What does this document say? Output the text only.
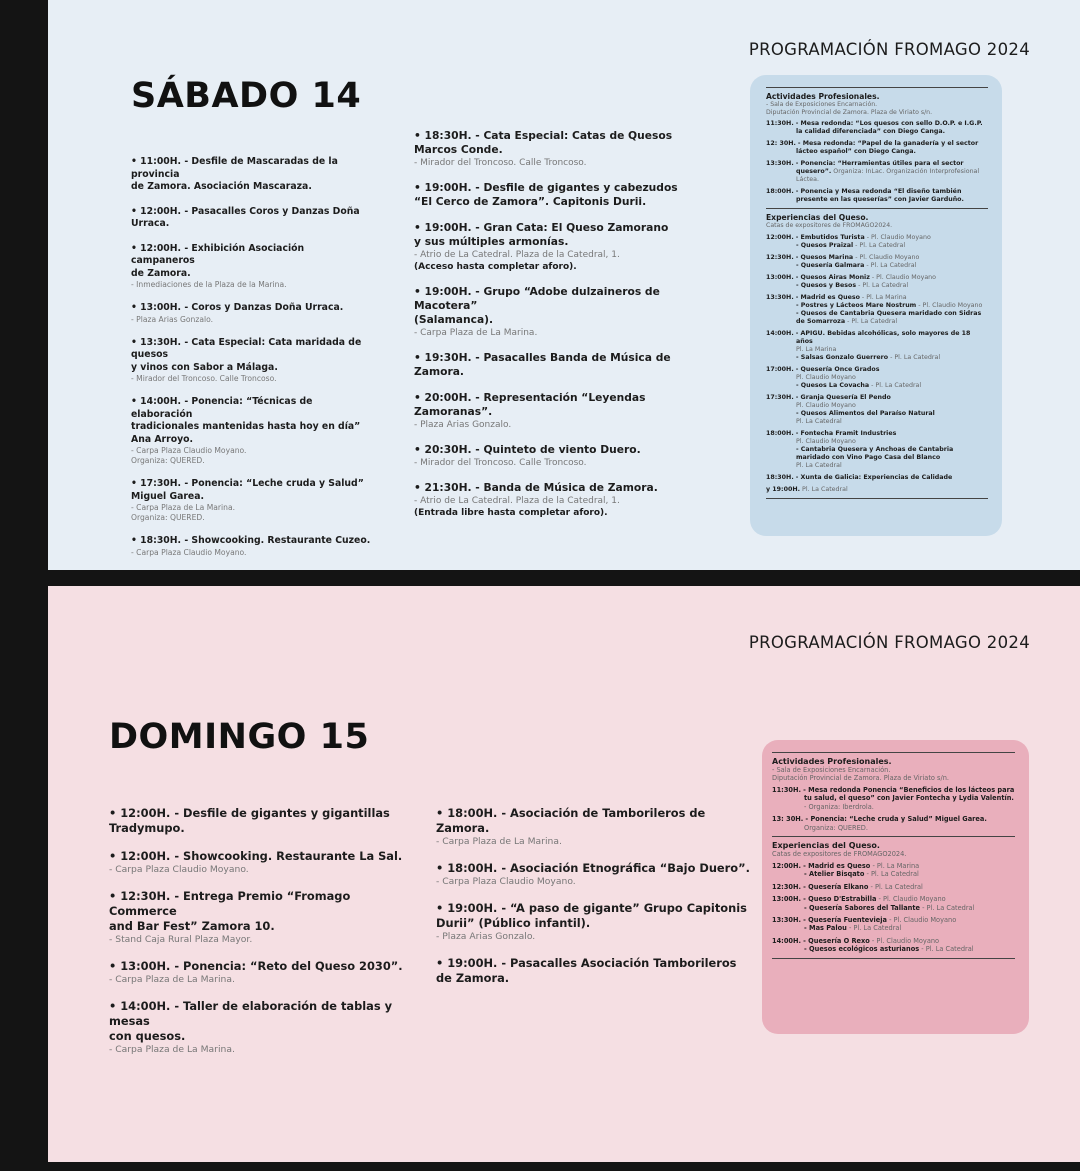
PROGRAMACIÓN FROMAGO 2024
SÁBADO 14
• 11:00H. - Desfile de Mascaradas de la provincia
de Zamora. Asociación Mascaraza.
• 12:00H. - Pasacalles Coros y Danzas Doña Urraca.
• 12:00H. - Exhibición Asociación campaneros
de Zamora.
- Inmediaciones de la Plaza de la Marina.
• 13:00H. - Coros y Danzas Doña Urraca.
- Plaza Arias Gonzalo.
• 13:30H. - Cata Especial: Cata maridada de quesos
y vinos con Sabor a Málaga.
- Mirador del Troncoso. Calle Troncoso.
• 14:00H. - Ponencia: “Técnicas de elaboración
tradicionales mantenidas hasta hoy en día”
Ana Arroyo.
- Carpa Plaza Claudio Moyano.
Organiza: QUERED.
• 17:30H. - Ponencia: “Leche cruda y Salud”
Miguel Garea.
- Carpa Plaza de La Marina.
Organiza: QUERED.
• 18:30H. - Showcooking. Restaurante Cuzeo.
- Carpa Plaza Claudio Moyano.
• 18:30H. - Cata Especial: Catas de Quesos
Marcos Conde.
- Mirador del Troncoso. Calle Troncoso.
• 19:00H. - Desfile de gigantes y cabezudos
“El Cerco de Zamora”. Capitonis Durii.
• 19:00H. - Gran Cata: El Queso Zamorano
y sus múltiples armonías.
- Atrio de La Catedral. Plaza de la Catedral, 1.
(Acceso hasta completar aforo).
• 19:00H. - Grupo “Adobe dulzaineros de Macotera”
(Salamanca).
- Carpa Plaza de La Marina.
• 19:30H. - Pasacalles Banda de Música de Zamora.
• 20:00H. - Representación “Leyendas Zamoranas”.
- Plaza Arias Gonzalo.
• 20:30H. - Quinteto de viento Duero.
- Mirador del Troncoso. Calle Troncoso.
• 21:30H. - Banda de Música de Zamora.
- Atrio de La Catedral. Plaza de la Catedral, 1.
(Entrada libre hasta completar aforo).
Actividades Profesionales.
- Sala de Exposiciones Encarnación.
Diputación Provincial de Zamora. Plaza de Viriato s/n.
11:30H. - Mesa redonda: “Los quesos con sello D.O.P. e I.G.P. la calidad diferenciada” con Diego Canga.
12: 30H. - Mesa redonda: “Papel de la ganadería y el sector lácteo español” con Diego Canga.
13:30H. - Ponencia: “Herramientas útiles para el sector quesero”. Organiza: InLac. Organización Interprofesional Láctea.
18:00H. - Ponencia y Mesa redonda “El diseño también presente en las queserías” con Javier Garduño.
Experiencias del Queso.
Catas de expositores de FROMAGO2024.
12:00H. - Embutidos Turista - Pl. Claudio Moyano
- Quesos Praizal - Pl. La Catedral
12:30H. - Quesos Marina - Pl. Claudio Moyano
- Quesería Galmara - Pl. La Catedral
13:00H. - Quesos Airas Moniz - Pl. Claudio Moyano
- Quesos y Besos - Pl. La Catedral
13:30H. - Madrid es Queso - Pl. La Marina
- Postres y Lácteos Mare Nostrum - Pl. Claudio Moyano
- Quesos de Cantabria Quesera maridado con Sidras de Somarroza - Pl. La Catedral
14:00H. - APIGU. Bebidas alcohólicas, solo mayores de 18 años
Pl. La Marina
- Salsas Gonzalo Guerrero - Pl. La Catedral
17:00H. - Quesería Once Grados
Pl. Claudio Moyano
- Quesos La Covacha - Pl. La Catedral
17:30H. - Granja Quesería El Pendo
Pl. Claudio Moyano
- Quesos Alimentos del Paraíso Natural
Pl. La Catedral
18:00H. - Fontecha Framit Industries
Pl. Claudio Moyano
- Cantabria Quesera y Anchoas de Cantabria maridado con Vino Pago Casa del Blanco
Pl. La Catedral
18:30H. - Xunta de Galicia: Experiencias de Calidade
y 19:00H. Pl. La Catedral
PROGRAMACIÓN FROMAGO 2024
DOMINGO 15
• 12:00H. - Desfile de gigantes y gigantillas
Tradymupo.
• 12:00H. - Showcooking. Restaurante La Sal.
- Carpa Plaza Claudio Moyano.
• 12:30H. - Entrega Premio “Fromago Commerce
and Bar Fest” Zamora 10.
- Stand Caja Rural Plaza Mayor.
• 13:00H. - Ponencia: “Reto del Queso 2030”.
- Carpa Plaza de La Marina.
• 14:00H. - Taller de elaboración de tablas y mesas
con quesos.
- Carpa Plaza de La Marina.
• 18:00H. - Asociación de Tamborileros de Zamora.
- Carpa Plaza de La Marina.
• 18:00H. - Asociación Etnográfica “Bajo Duero”.
- Carpa Plaza Claudio Moyano.
• 19:00H. - “A paso de gigante” Grupo Capitonis
Durii” (Público infantil).
- Plaza Arias Gonzalo.
• 19:00H. - Pasacalles Asociación Tamborileros
de Zamora.
Actividades Profesionales.
- Sala de Exposiciones Encarnación.
Diputación Provincial de Zamora. Plaza de Viriato s/n.
11:30H. - Mesa redonda Ponencia “Beneficios de los lácteos para tu salud, el queso” con Javier Fontecha y Lydia Valentín. - Organiza: Iberdrola.
13: 30H. - Ponencia: “Leche cruda y Salud” Miguel Garea. Organiza: QUERED.
Experiencias del Queso.
Catas de expositores de FROMAGO2024.
12:00H. - Madrid es Queso - Pl. La Marina
- Atelier Bisqato - Pl. La Catedral
12:30H. - Quesería Elkano - Pl. La Catedral
13:00H. - Queso D'Estrabilla - Pl. Claudio Moyano
- Quesería Sabores del Tallante - Pl. La Catedral
13:30H. - Quesería Fuentevieja - Pl. Claudio Moyano
- Mas Palou - Pl. La Catedral
14:00H. - Quesería O Rexo - Pl. Claudio Moyano
- Quesos ecológicos asturianos - Pl. La Catedral
